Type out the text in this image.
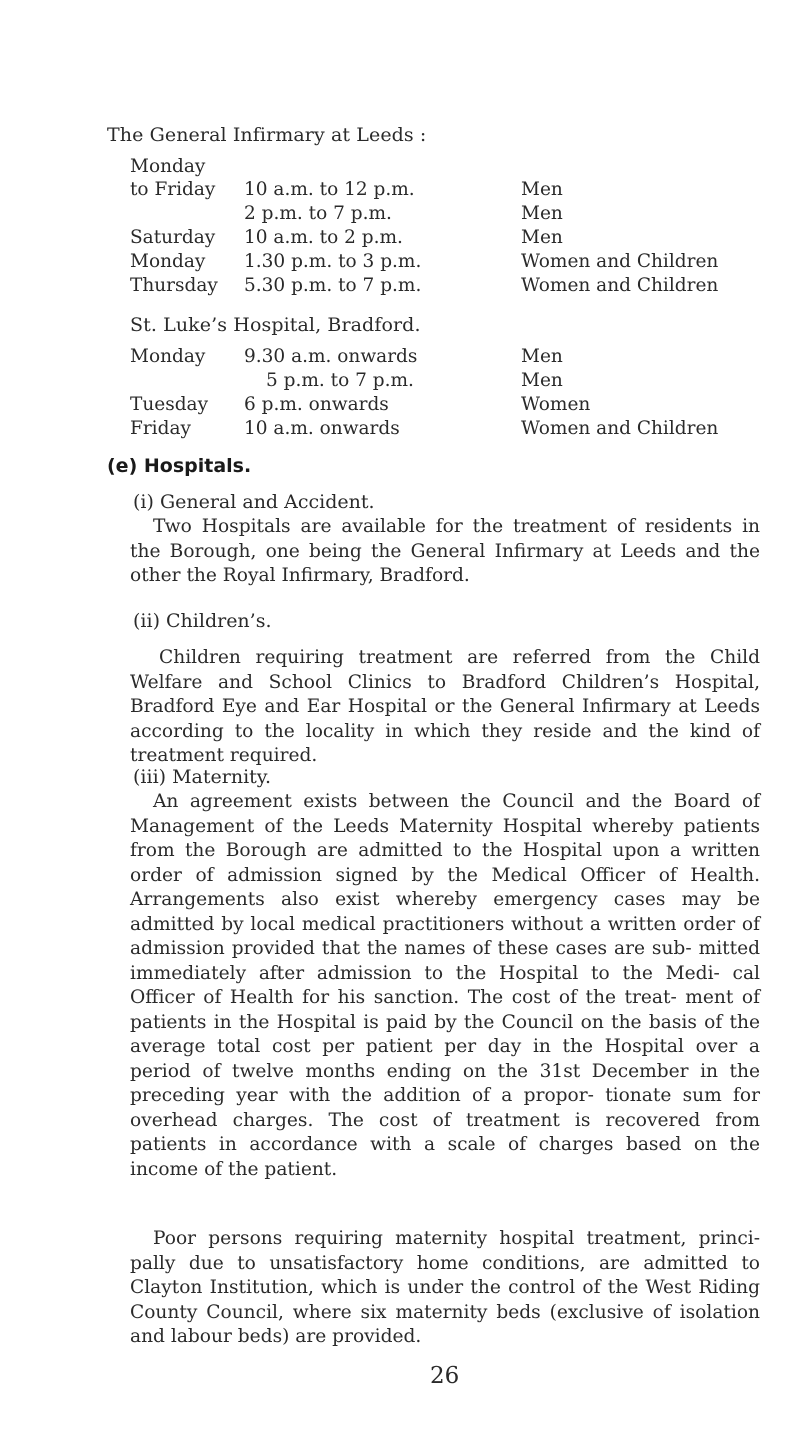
The General Infirmary at Leeds :
Monday
to Friday 10 a.m. to 12 p.m.	Men
2 p.m. to 7 p.m.	Men
Saturday 10 a.m. to 2 p.m.	Men
Monday 1.30 p.m. to 3 p.m.	Women and Children
Thursday 5.30 p.m. to 7 p.m.	Women and Children
St. Luke’s Hospital, Bradford.
Monday 9.30 a.m. onwards	Men
5 p.m. to 7 p.m.	Men
Tuesday 6 p.m. onwards	Women
Friday	10 a.m. onwards	Women and Children
(e) Hospitals.
(i) General and Accident.
Two Hospitals are available for the treatment of residents in the Borough, one being the General Infirmary at Leeds and the other the Royal Infirmary, Bradford.
(ii) Children’s.
Children requiring treatment are referred from the Child Welfare and School Clinics to Bradford Children’s Hospital, Bradford Eye and Ear Hospital or the General Infirmary at Leeds according to the locality in which they reside and the kind of treatment required.
(iii) Maternity.
An agreement exists between the Council and the Board of Management of the Leeds Maternity Hospital whereby patients from the Borough are admitted to the Hospital upon a written order of admission signed by the Medical Officer of Health. Arrangements also exist whereby emergency cases may be admitted by local medical practitioners without a written order of admission provided that the names of these cases are sub- mitted immediately after admission to the Hospital to the Medi- cal Officer of Health for his sanction. The cost of the treat- ment of patients in the Hospital is paid by the Council on the basis of the average total cost per patient per day in the Hospital over a period of twelve months ending on the 31st December in the preceding year with the addition of a propor- tionate sum for overhead charges. The cost of treatment is recovered from patients in accordance with a scale of charges based on the income of the patient.
Poor persons requiring maternity hospital treatment, princi- pally due to unsatisfactory home conditions, are admitted to Clayton Institution, which is under the control of the West Riding County Council, where six maternity beds (exclusive of isolation and labour beds) are provided.
26
